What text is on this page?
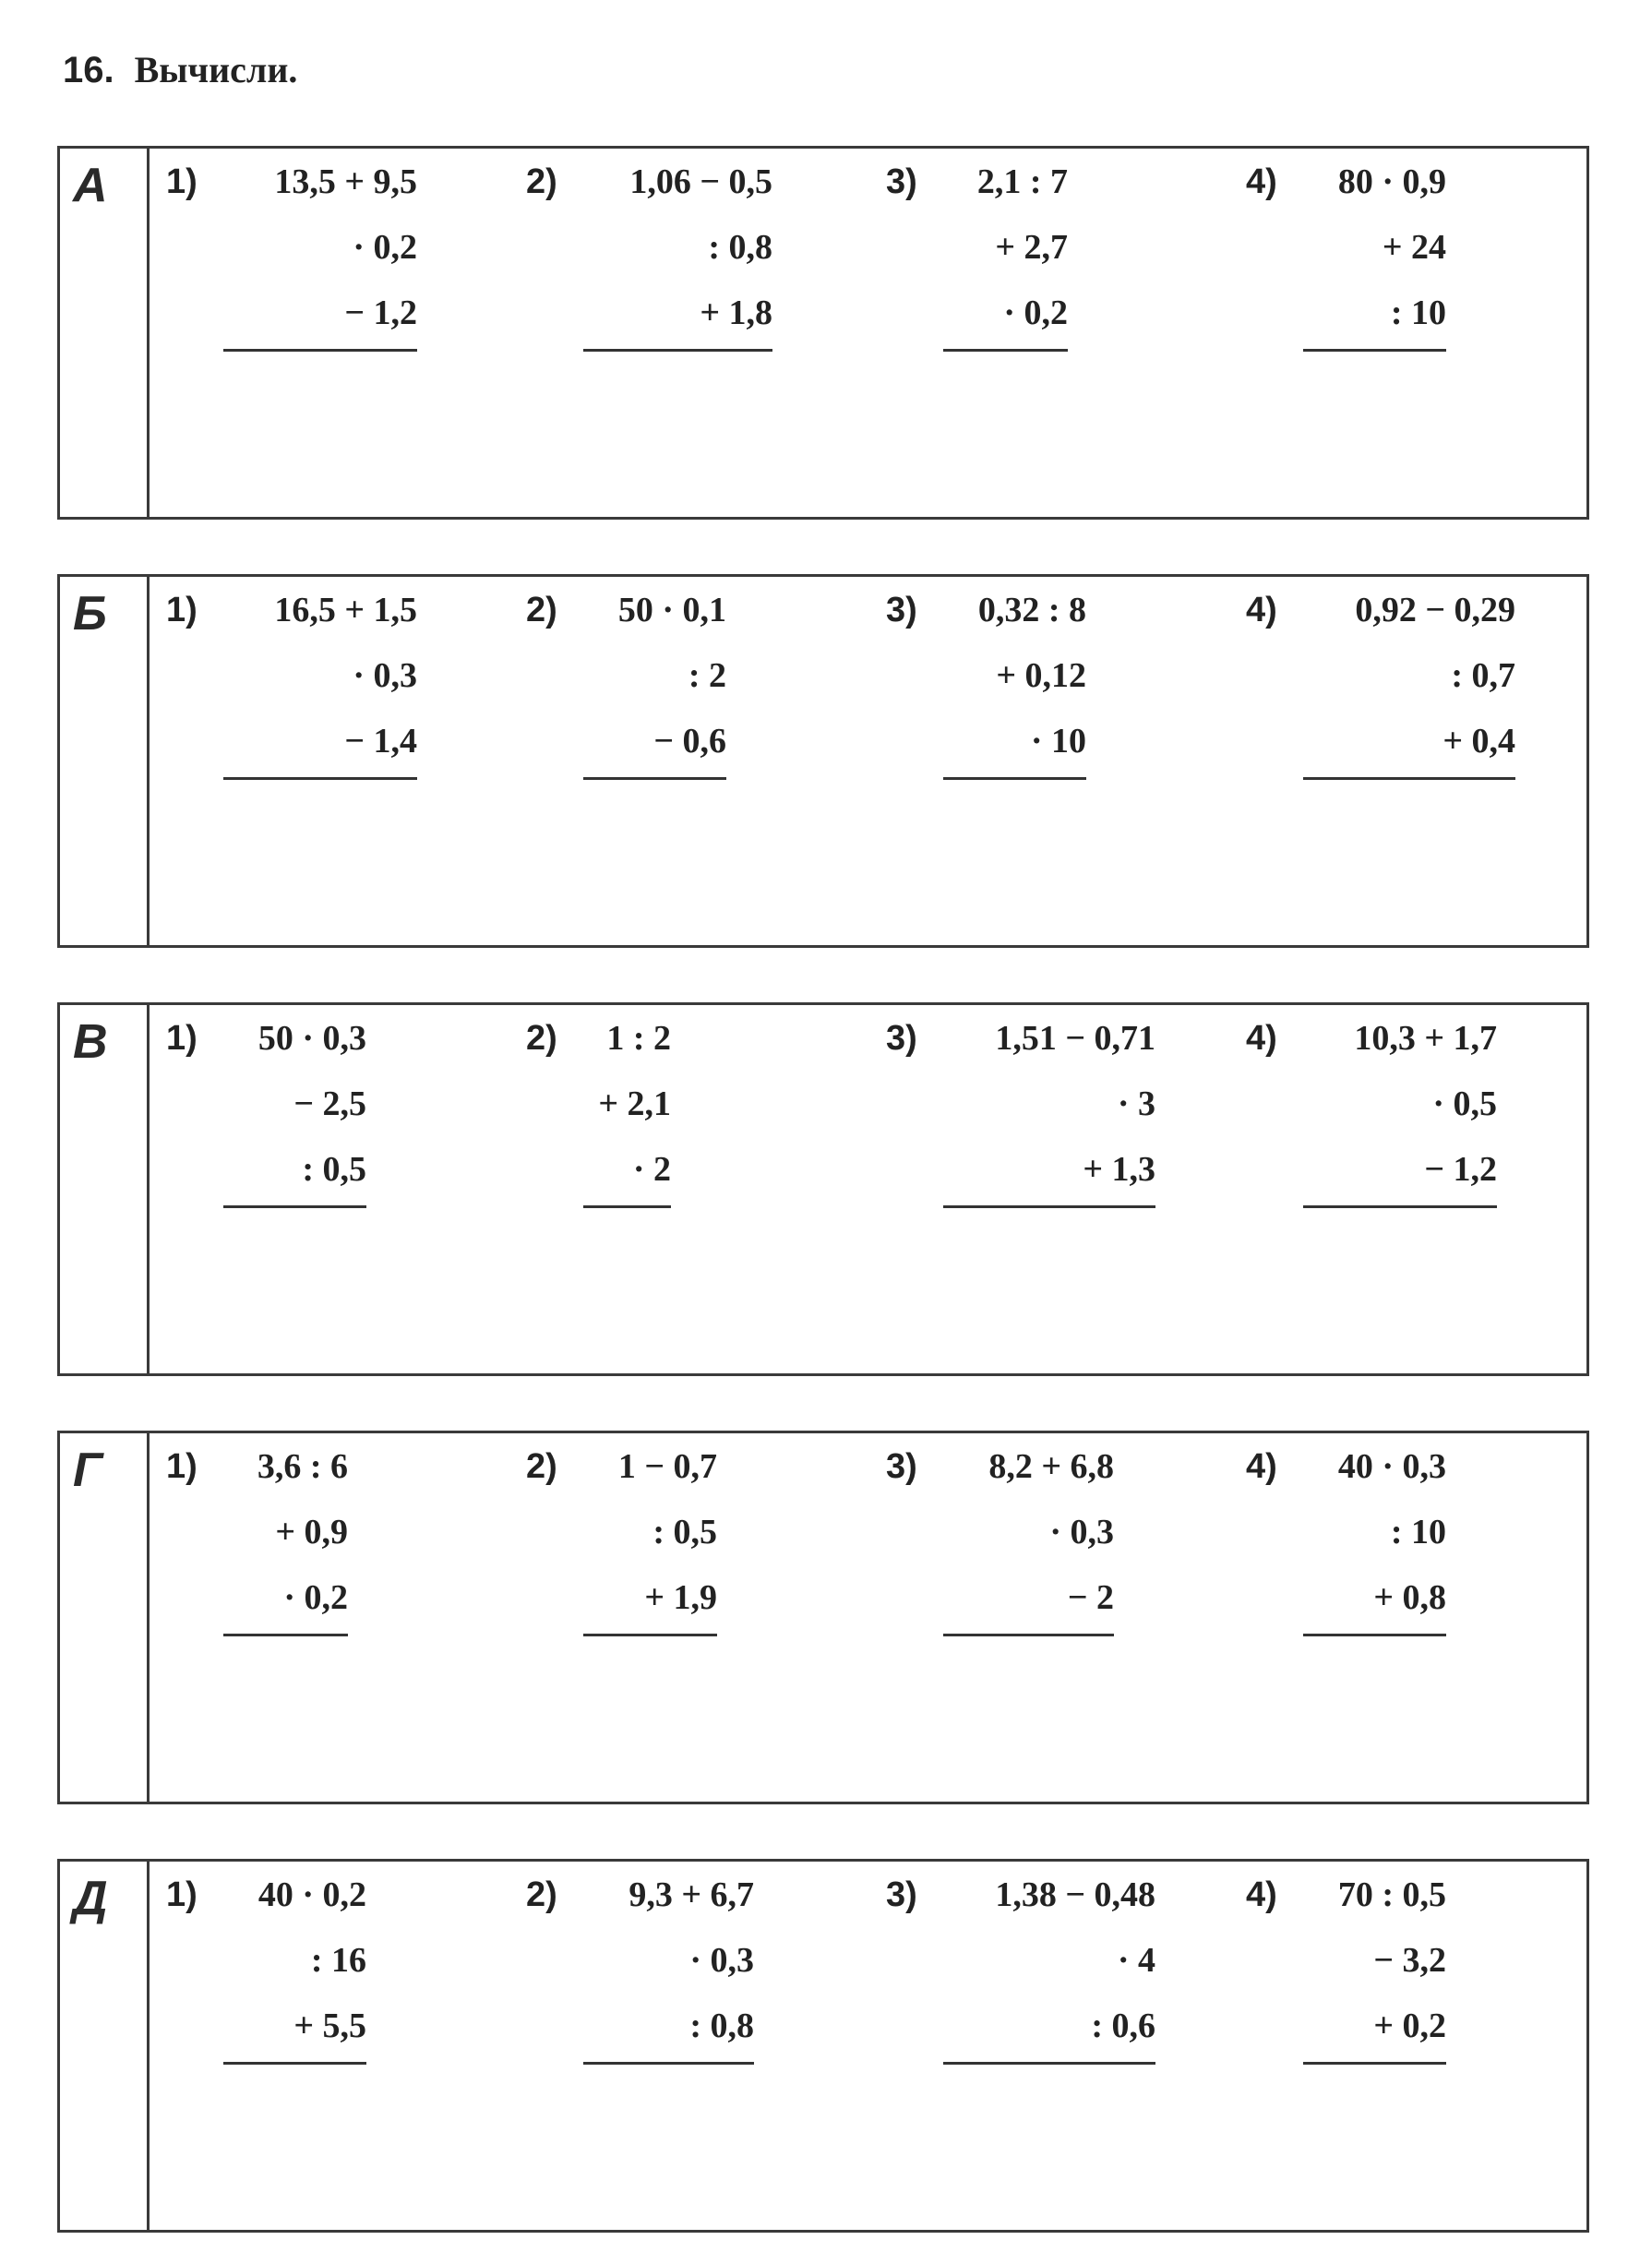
16. Вычисли.
А 1)	13,5 + 9,5
· 0,2
− 1,2
2)	1,06 − 0,5
: 0,8
+ 1,8
3)	2,1 : 7
+ 2,7
· 0,2
4)	80 · 0,9
+ 24
: 10
Б 1)	16,5 + 1,5
· 0,3
− 1,4
2)	50 · 0,1
: 2
− 0,6
3)	0,32 : 8
+ 0,12
· 10
4)	0,92 − 0,29
: 0,7
+ 0,4
В 1)	50 · 0,3
− 2,5
: 0,5
2)	1 : 2
+ 2,1
· 2
3)	1,51 − 0,71
· 3
+ 1,3
4)	10,3 + 1,7
· 0,5
− 1,2
Г 1)	3,6 : 6
+ 0,9
· 0,2
2)	1 − 0,7
: 0,5
+ 1,9
3)	8,2 + 6,8
· 0,3
− 2
4)	40 · 0,3
: 10
+ 0,8
Д 1)	40 · 0,2
: 16
+ 5,5
2)	9,3 + 6,7
· 0,3
: 0,8
3)	1,38 − 0,48
· 4
: 0,6
4)	70 : 0,5
− 3,2
+ 0,2
